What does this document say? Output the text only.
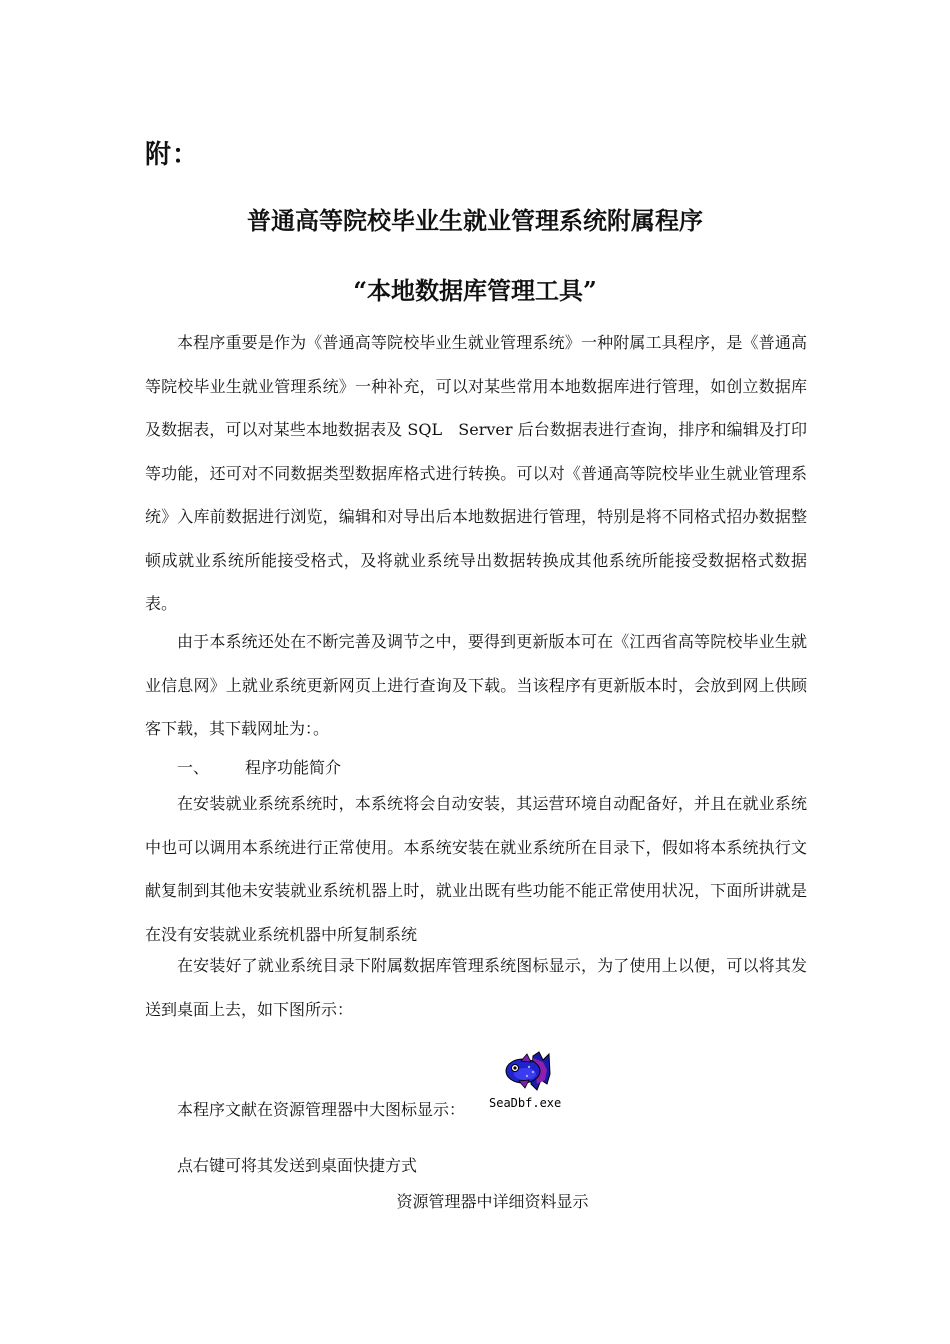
附：
普通高等院校毕业生就业管理系统附属程序
“本地数据库管理工具”
本程序重要是作为《普通高等院校毕业生就业管理系统》一种附属工具程序，是《普通高等院校毕业生就业管理系统》一种补充，可以对某些常用本地数据库进行管理，如创立数据库及数据表，可以对某些本地数据表及 SQL　Server 后台数据表进行查询，排序和编辑及打印等功能，还可对不同数据类型数据库格式进行转换。可以对《普通高等院校毕业生就业管理系统》入库前数据进行浏览，编辑和对导出后本地数据进行管理，特别是将不同格式招办数据整顿成就业系统所能接受格式，及将就业系统导出数据转换成其他系统所能接受数据格式数据表。
由于本系统还处在不断完善及调节之中，要得到更新版本可在《江西省高等院校毕业生就业信息网》上就业系统更新网页上进行查询及下载。当该程序有更新版本时，会放到网上供顾客下载，其下载网址为：。
一、 程序功能简介
在安装就业系统系统时，本系统将会自动安装，其运营环境自动配备好，并且在就业系统中也可以调用本系统进行正常使用。本系统安装在就业系统所在目录下，假如将本系统执行文献复制到其他未安装就业系统机器上时，就业出既有些功能不能正常使用状况，下面所讲就是在没有安装就业系统机器中所复制系统
在安装好了就业系统目录下附属数据库管理系统图标显示，为了使用上以便，可以将其发送到桌面上去，如下图所示：
本程序文献在资源管理器中大图标显示： SeaDbf.exe
点右键可将其发送到桌面快捷方式
资源管理器中详细资料显示
